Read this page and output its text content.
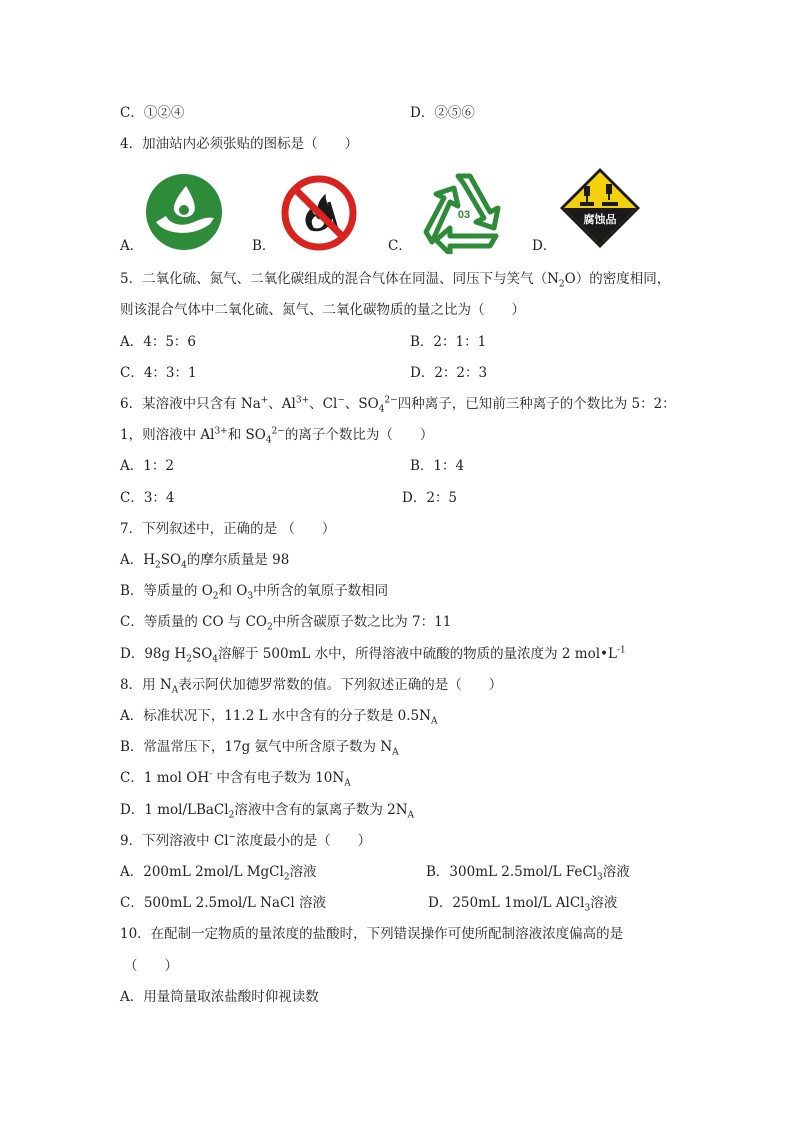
C．①②④	D．②⑤⑥
4．加油站内必须张贴的图标是（　　）
A．	B．	C．
03
D．
腐蚀品
5．二氧化硫、氮气、二氧化碳组成的混合气体在同温、同压下与笑气$(N_2O)$的密度相同，
则该混合气体中二氧化硫、氮气、二氧化碳物质的量之比为（　　）
A．4：5：6	B．2：1：1
C．4：3：1	D．2：2：3
6．某溶液中只含有 Na+、$Al^{3+}$、Cl−、$SO_4^{2-}$四种离子，已知前三种离子的个数比为 5：2：
1，则溶液中 $Al^{3+}$和 $SO_4^{2-}$的离子个数比为（　　）
A．1：2	B．1：4
C．3：4	D．2：5
7．下列叙述中，正确的是 （　　）
A．$H_2SO_4$的摩尔质量是 98
B．等质量的 $O_2$和 $O_3$中所含的氧原子数相同
C．等质量的 CO 与 $CO_2$中所含碳原子数之比为 7：11
D．98g $H_2SO_4$溶解于 500mL 水中，所得溶液中硫酸的物质的量浓度为 2 $mol•L^{-1}$
8．用 $N_A$表示阿伏加德罗常数的值。下列叙述正确的是（　　）
A．标准状况下，11.2 L 水中含有的分子数是 $0.5N_A$
B．常温常压下，17g 氨气中所含原子数为 $N_A$
C．1 mol OH- 中含有电子数为 $10N_A$
D．1 mol/LBaCl$_2$溶液中含有的氯离子数为 $2N_A$
9．下列溶液中 Cl−浓度最小的是（　　）
A．200mL 2mol/L MgCl$_2$溶液	B．300mL 2.5mol/L FeCl$_3$溶液
C．500mL 2.5mol/L NaCl 溶液	D．250mL 1mol/L AlCl$_3$溶液
10．在配制一定物质的量浓度的盐酸时，下列错误操作可使所配制溶液浓度偏高的是
（　　）
A．用量筒量取浓盐酸时仰视读数
